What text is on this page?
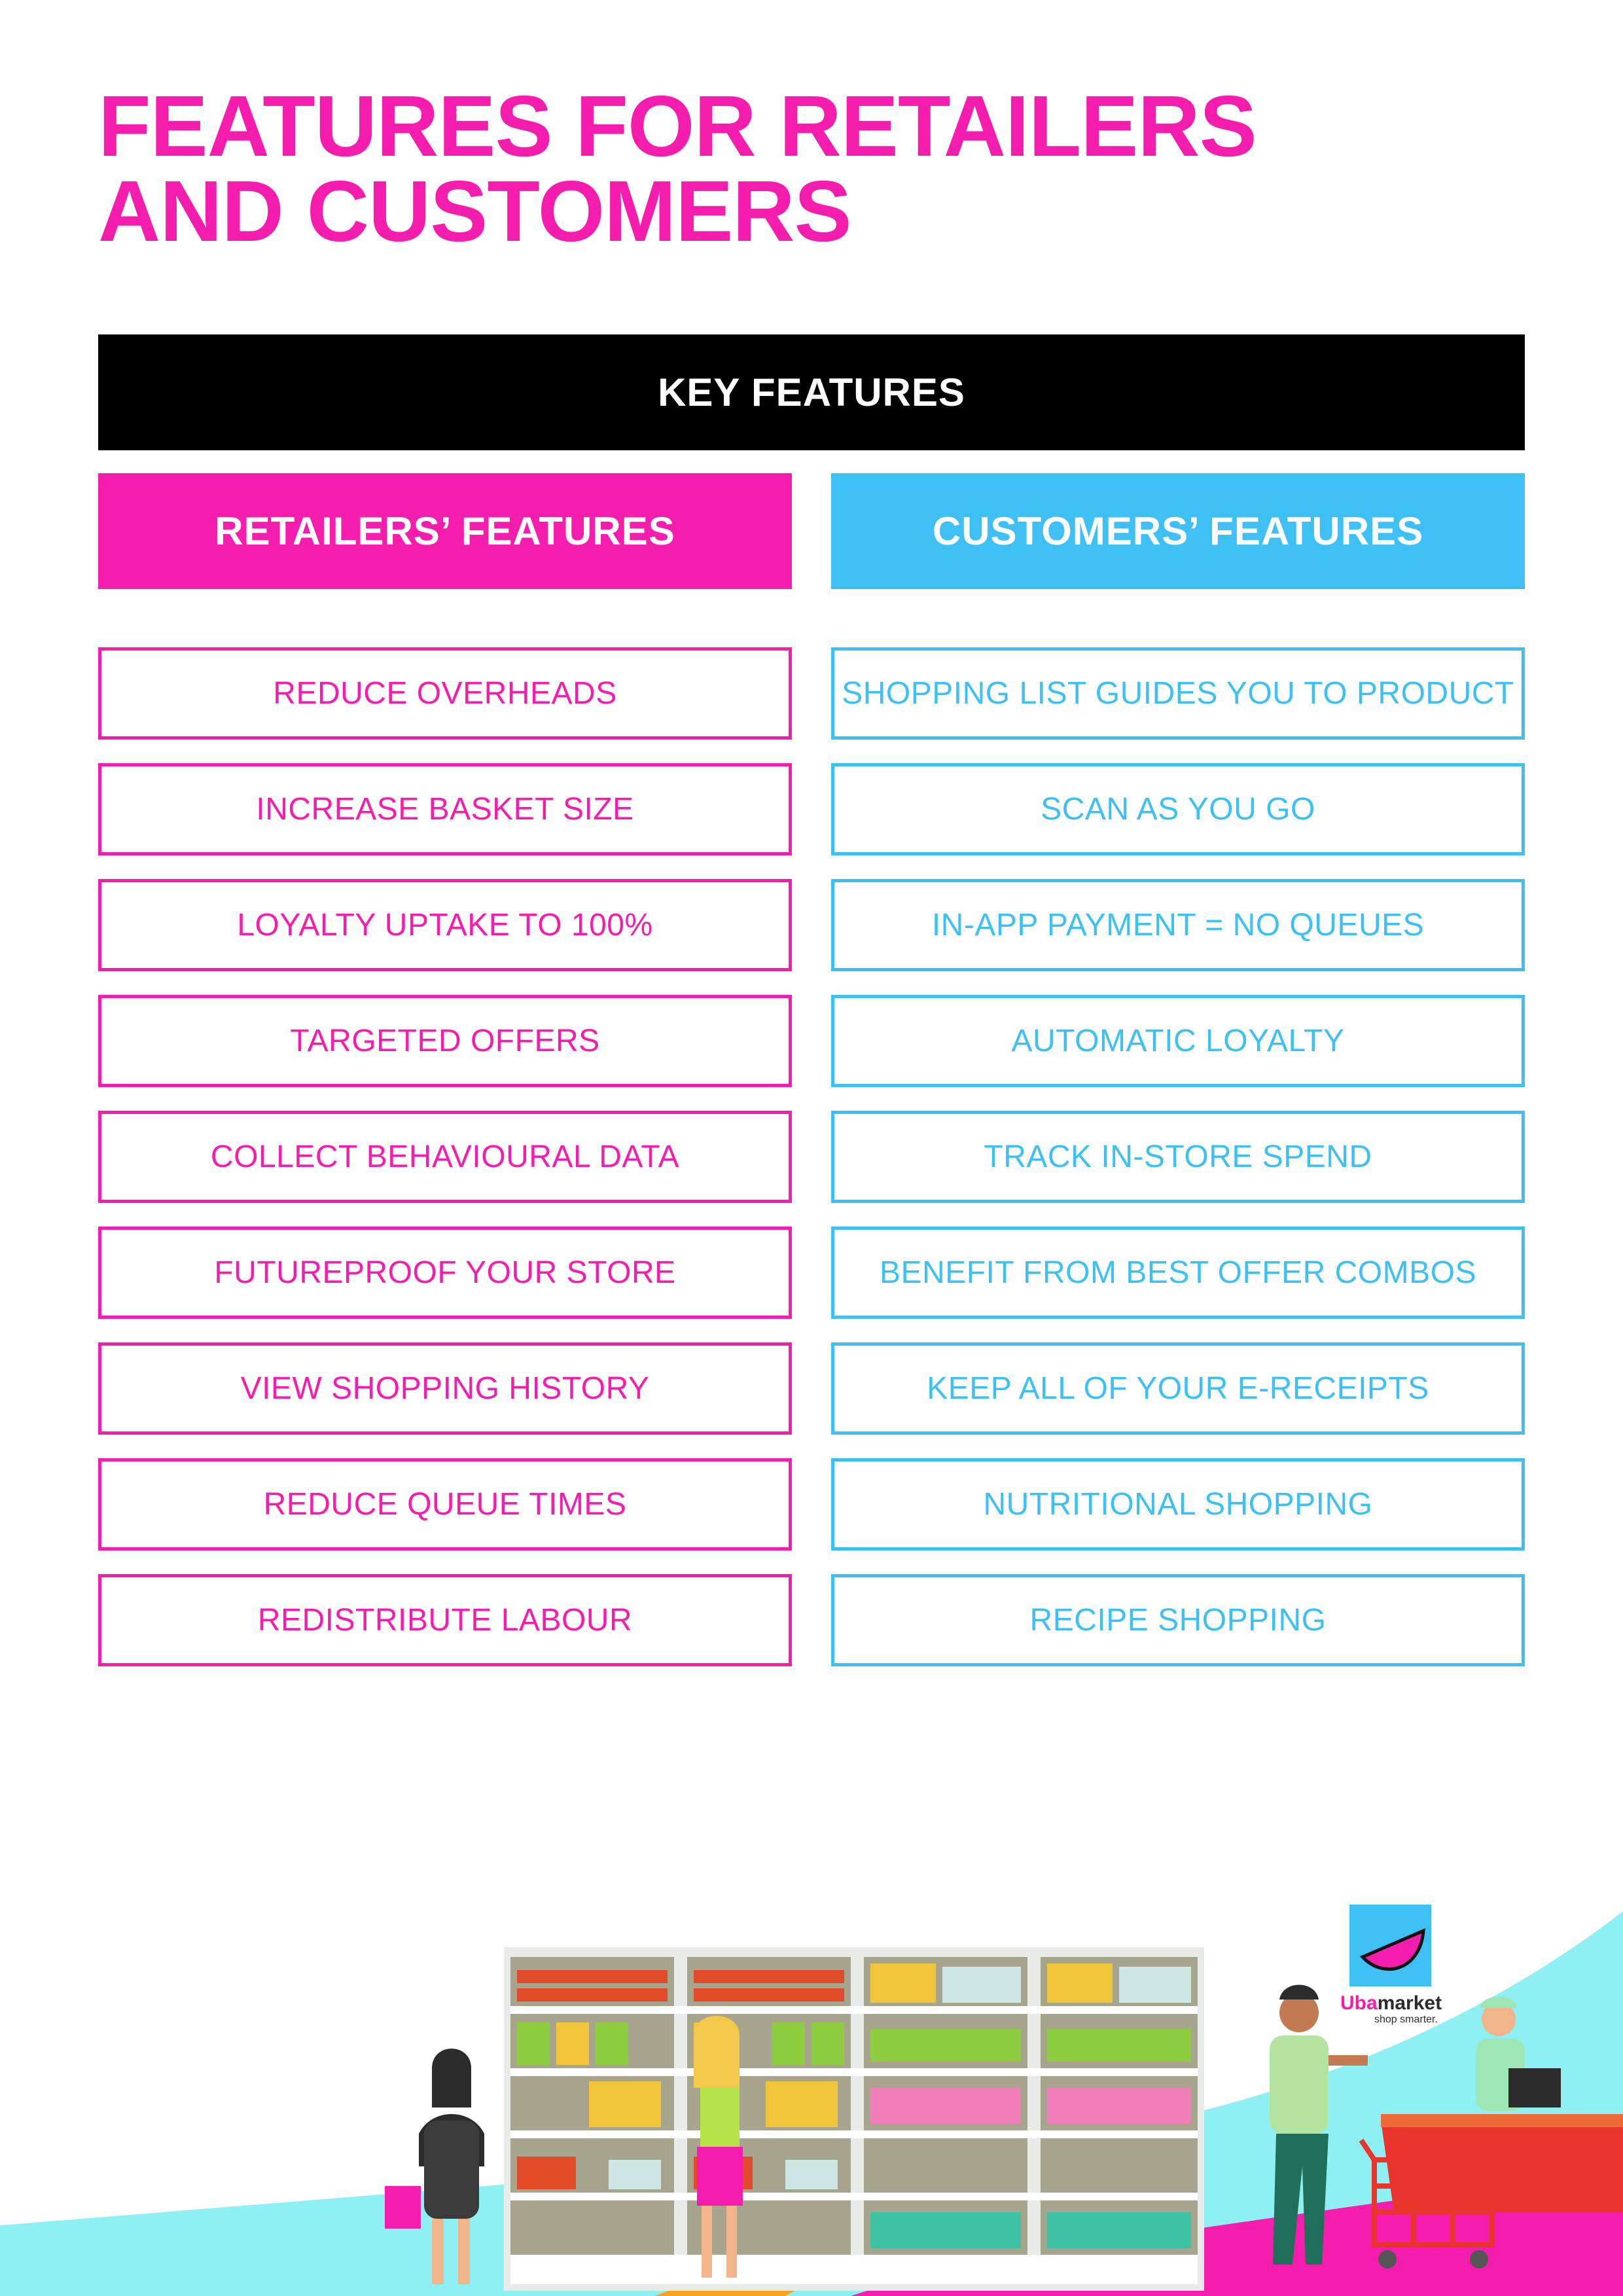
FEATURES FOR RETAILERS
AND CUSTOMERS
KEY FEATURES
RETAILERS’ FEATURES	CUSTOMERS’ FEATURES
REDUCE OVERHEADS
INCREASE BASKET SIZE
LOYALTY UPTAKE TO 100%
TARGETED OFFERS
COLLECT BEHAVIOURAL DATA
FUTUREPROOF YOUR STORE
VIEW SHOPPING HISTORY
REDUCE QUEUE TIMES
REDISTRIBUTE LABOUR
SHOPPING LIST GUIDES YOU TO PRODUCT
SCAN AS YOU GO
IN-APP PAYMENT = NO QUEUES
AUTOMATIC LOYALTY
TRACK IN-STORE SPEND
BENEFIT FROM BEST OFFER COMBOS
KEEP ALL OF YOUR E-RECEIPTS
NUTRITIONAL SHOPPING
RECIPE SHOPPING
Ubamarket
shop smarter.
